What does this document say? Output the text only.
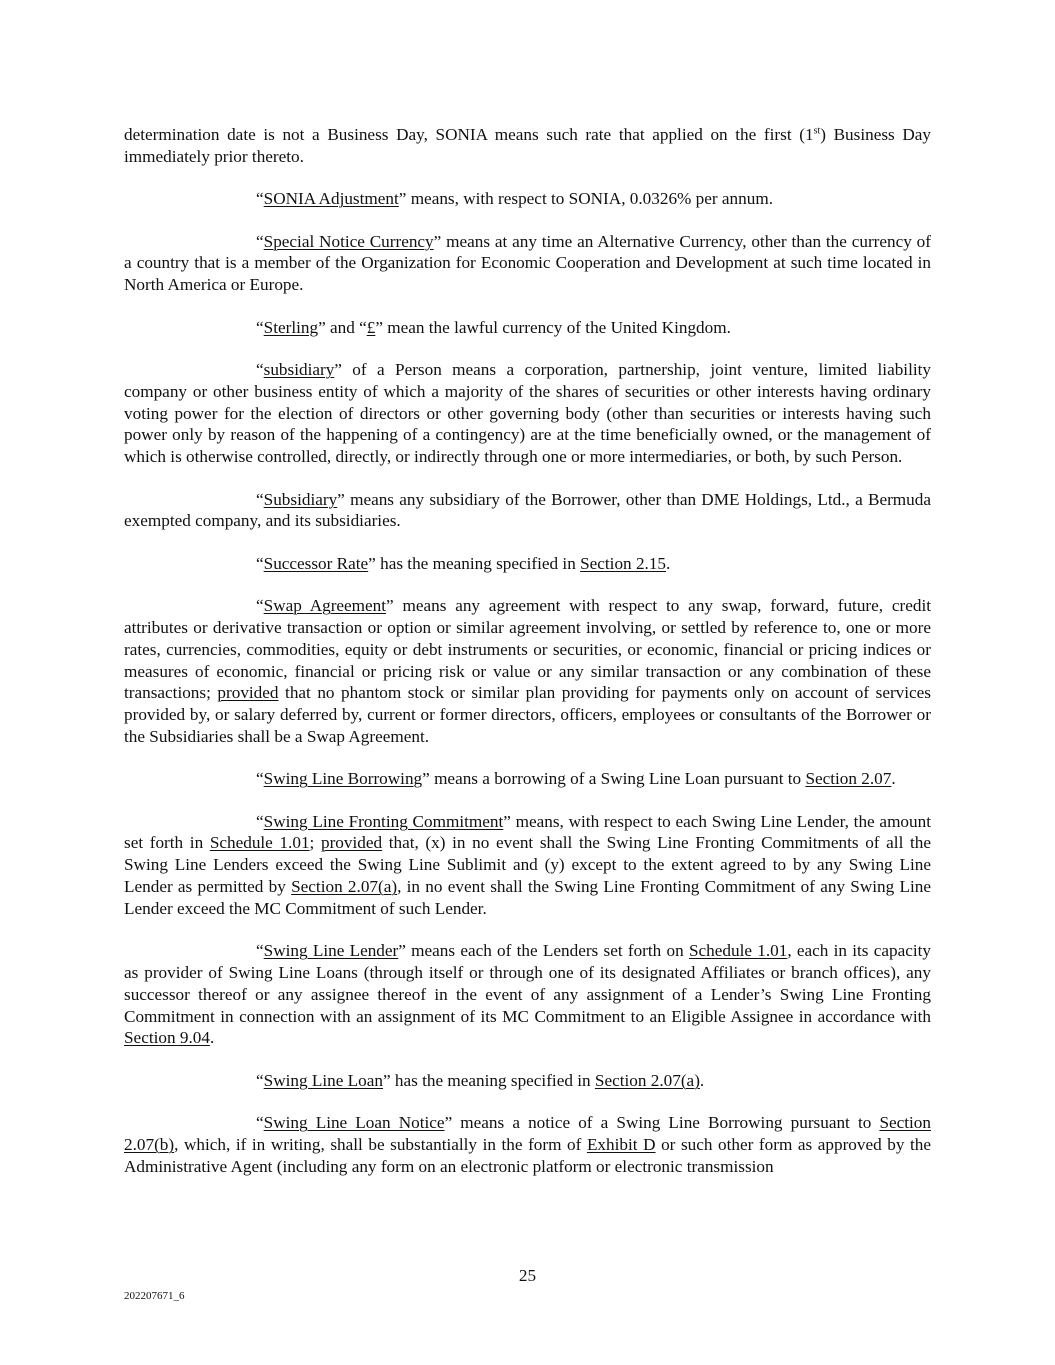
determination date is not a Business Day, SONIA means such rate that applied on the first (1st) Business Day immediately prior thereto.

“SONIA Adjustment” means, with respect to SONIA, 0.0326% per annum.

“Special Notice Currency” means at any time an Alternative Currency, other than the currency of a country that is a member of the Organization for Economic Cooperation and Development at such time located in North America or Europe.

“Sterling” and “£” mean the lawful currency of the United Kingdom.

“subsidiary” of a Person means a corporation, partnership, joint venture, limited liability company or other business entity of which a majority of the shares of securities or other interests having ordinary voting power for the election of directors or other governing body (other than securities or interests having such power only by reason of the happening of a contingency) are at the time beneficially owned, or the management of which is otherwise controlled, directly, or indirectly through one or more intermediaries, or both, by such Person.

“Subsidiary” means any subsidiary of the Borrower, other than DME Holdings, Ltd., a Bermuda exempted company, and its subsidiaries.

“Successor Rate” has the meaning specified in Section 2.15.

“Swap Agreement” means any agreement with respect to any swap, forward, future, credit attributes or derivative transaction or option or similar agreement involving, or settled by reference to, one or more rates, currencies, commodities, equity or debt instruments or securities, or economic, financial or pricing indices or measures of economic, financial or pricing risk or value or any similar transaction or any combination of these transactions; provided that no phantom stock or similar plan providing for payments only on account of services provided by, or salary deferred by, current or former directors, officers, employees or consultants of the Borrower or the Subsidiaries shall be a Swap Agreement.

“Swing Line Borrowing” means a borrowing of a Swing Line Loan pursuant to Section 2.07.

“Swing Line Fronting Commitment” means, with respect to each Swing Line Lender, the amount set forth in Schedule 1.01; provided that, (x) in no event shall the Swing Line Fronting Commitments of all the Swing Line Lenders exceed the Swing Line Sublimit and (y) except to the extent agreed to by any Swing Line Lender as permitted by Section 2.07(a), in no event shall the Swing Line Fronting Commitment of any Swing Line Lender exceed the MC Commitment of such Lender.

“Swing Line Lender” means each of the Lenders set forth on Schedule 1.01, each in its capacity as provider of Swing Line Loans (through itself or through one of its designated Affiliates or branch offices), any successor thereof or any assignee thereof in the event of any assignment of a Lender’s Swing Line Fronting Commitment in connection with an assignment of its MC Commitment to an Eligible Assignee in accordance with Section 9.04.

“Swing Line Loan” has the meaning specified in Section 2.07(a).

“Swing Line Loan Notice” means a notice of a Swing Line Borrowing pursuant to Section 2.07(b), which, if in writing, shall be substantially in the form of Exhibit D or such other form as approved by the Administrative Agent (including any form on an electronic platform or electronic transmission

25
202207671_6
